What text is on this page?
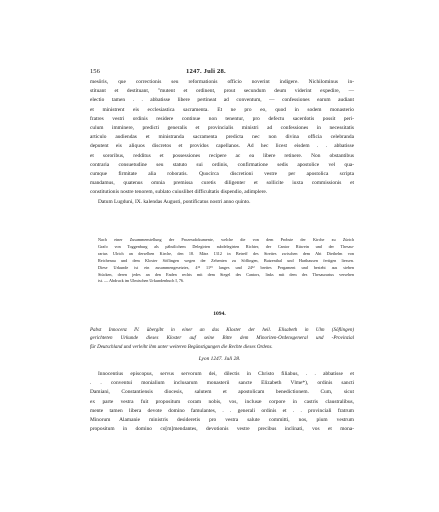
156	1247. Juli 28.
mesôris, que correctionis seu reformationis officio noverint indigere. Nichilominus in-
stituant et destituant, "mutent et ordinent, prout secundum deum viderint expedire, —
electio tamen . . abbatisse libere pertineat ad conventum, — confessiones earum audiant
et ministrent eis ecclesiastica sacramenta. Et ne pro eo, quod in sodem monasterio
fratres vestri ordinis residere continue non tenentur, pro defectu sacerdotis possit peri-
culum imminere, predicti generalis et provincialis ministri ad confessiones in necessitatis
articulo audiendas et ministranda sacramenta predicta nec non divina officia celebranda
deputent eis aliquos discretos et providos capellanos. Ad hec licest eisdem . . abbatisse
et sororibus, redditus et possessiones recipere ac ea libere retinere. Non obstantibus
contraria consuetudine seu statuto sui ordinis, confirmatione sedis apostolice vel qua-
cumque firmitate alia roboratis. Quocirca discretioni vestre per apostolica scripta
mandamus, quatenus omnia premissa curetis diligenter et sollicite iuxta commissionis et
constitutionis nostre tenorem, sublato cuiuslibet difficultatis dispendio, adimplere.
Datum Lugduni, IX. kalendas Augusti, pontificatus nostri anno quinto.
Nach einer Zusammenstellung der Prozessdokumente, welche die von dem Probste der Kirche zu Zürich
Grafo von Toggenburg als päbstlichem Delegirten subdelegirten Richter, der Cantor Rüwein und der Thesau-
rarius Ulrich an derselben Kirche, den 18. März 1312 in Betreff des Streites zwischen dem Abt Diethelm von
Reichenau und dem Kloster Söflingen wegen der Zehenten zu Söflingen, Butzenthal und Harthausen fertigen liessen.
Diese Urkunde ist ein zusammengesetztes, 4¹² 11¹⁹ langes und 24¹² breites Pergament und besteht aus sieben
Stücken, deren jedes an den Enden rechts mit dem Siegel des Cantors, links mit dem des Thesaurarius versehen
ist. — Abdruck im Ulmischen Urkundenbuch I, 76.
1094.
Pabst Innocenz IV. übergibt in einer an das Kloster der heil. Elisabeth in Ulm (Söflingen)
gerichteten Urkunde dieses Kloster auf seine Bitte dem Minoriten-Ordensgeneral und -Provinzial
für Deutschland und verleiht ihm unter weiteren Begünstigungen die Rechte dieses Ordens.
Lyon 1247. Juli 28.
Innocentius episcopus, servus servorum dei, dilectis in Christo filiabus, . . abbatisse et
. . conventui monialium inclusarum monasterii sancte Elizabeth Vlme*), ordinis sancti
Damiani, Constantiensis diocesis, salutem et apostolicam benedictionem. Cum, sicut
ex parte vestra fuit propositum coram nobis, vos, inclusæ corpore in castris claustralibus,
mente tamen libera devote domino famulantes, . . generali ordinis et . . provinciali fratrum
Minorum Alamanie ministris desideretis pro vestra salute committi, nos, pium vestrum
propositum in domino co[m]mendantes, devotionis vestre precibus inclinati, vos et mona-
